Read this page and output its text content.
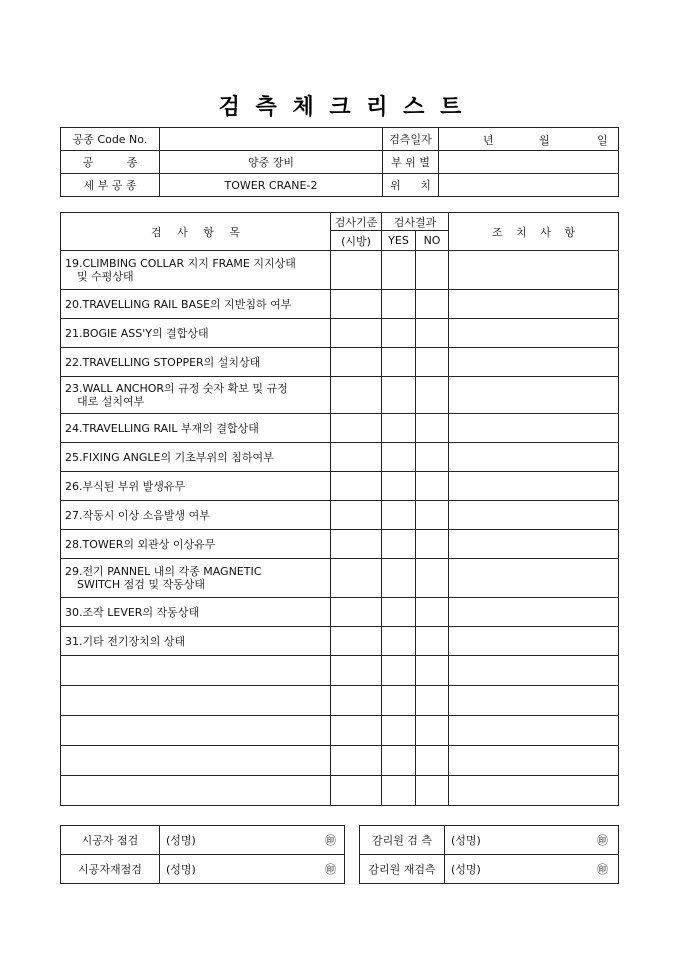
검 측 체 크 리 스 트
공종 Code No.		검측일자	년 월 일

공 종	양중 장비	부 위 별	
세 부 공 종	TOWER CRANE-2	위 치	
검 사 항 목	검사기준	검사결과		조 치 사 항
	(시방)	YES	NO	

19.CLIMBING COLLAR 지지 FRAME 지지상태
및 수평상태				

20.TRAVELLING RAIL BASE의 지반침하 여부				

21.BOGIE ASS'Y의 결합상태				

22.TRAVELLING STOPPER의 설치상태				

23.WALL ANCHOR의 규정 숫자 확보 및 규정
대로 설치여부				

24.TRAVELLING RAIL 부재의 결합상태				

25.FIXING ANGLE의 기초부위의 침하여부				

26.부식된 부위 발생유무				

27.작동시 이상 소음발생 여부				

28.TOWER의 외관상 이상유무				

29.전기 PANNEL 내의 각종 MAGNETIC
SWITCH 점검 및 작동상태				

30.조작 LEVER의 작동상태				

31.기타 전기장치의 상태				

시공자 점검	(성명)	㊞		감리원 검 측	(성명)	㊞
시공자재점검	(성명)	㊞		감리원 재검측	(성명)	㊞
